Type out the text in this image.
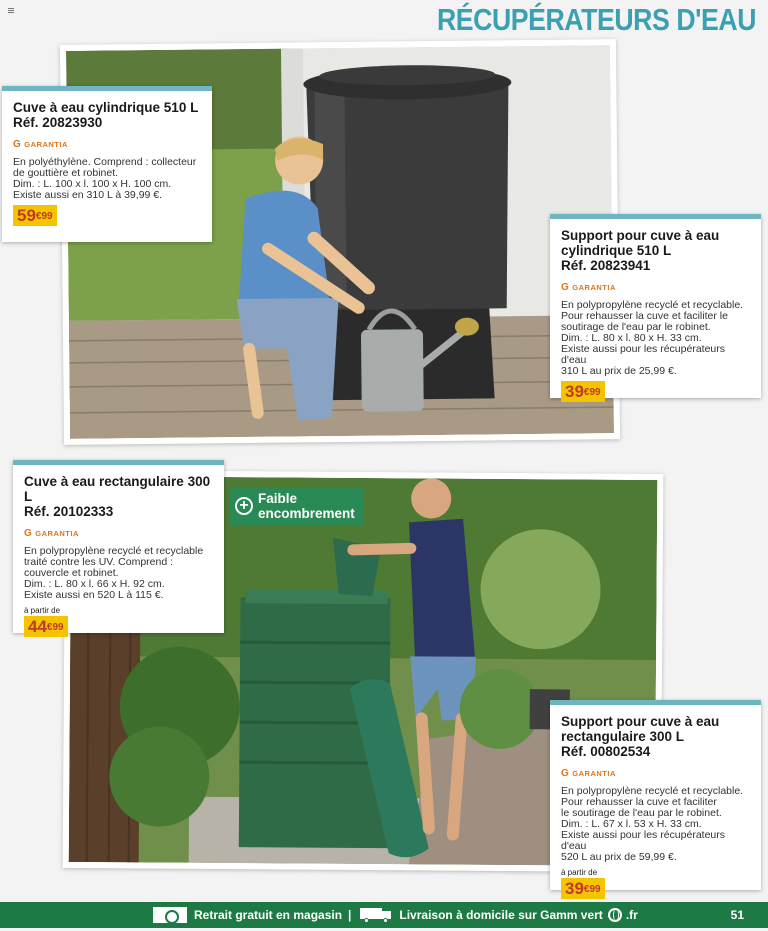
RÉCUPÉRATEURS D'EAU
+ Faible
encombrement
Cuve à eau cylindrique 510 L
Réf. 20823930
G GARANTIA
En polyéthylène. Comprend : collecteur
de gouttière et robinet.
Dim. : L. 100 x l. 100 x H. 100 cm.
Existe aussi en 310 L à 39,99 €.
$59^{€99}$
Support pour cuve à eau cylindrique 510 L
Réf. 20823941
G GARANTIA
En polypropylène recyclé et recyclable.
Pour rehausser la cuve et faciliter le
soutirage de l'eau par le robinet.
Dim. : L. 80 x l. 80 x H. 33 cm.
Existe aussi pour les récupérateurs d'eau
310 L au prix de 25,99 €.
$39^{€99}$
Cuve à eau rectangulaire 300 L
Réf. 20102333
G GARANTIA
En polypropylène recyclé et recyclable
traité contre les UV. Comprend :
couvercle et robinet.
Dim. : L. 80 x l. 66 x H. 92 cm.
Existe aussi en 520 L à 115 €.
à partir de
$44^{€99}$
Support pour cuve à eau rectangulaire 300 L
Réf. 00802534
G GARANTIA
En polypropylène recyclé et recyclable.
Pour rehausser la cuve et faciliter
le soutirage de l'eau par le robinet.
Dim. : L. 67 x l. 53 x H. 33 cm.
Existe aussi pour les récupérateurs d'eau
520 L au prix de 59,99 €.
à partir de
$39^{€99}$
Retrait gratuit en magasin |	Livraison à domicile sur Gamm vert .fr	51
